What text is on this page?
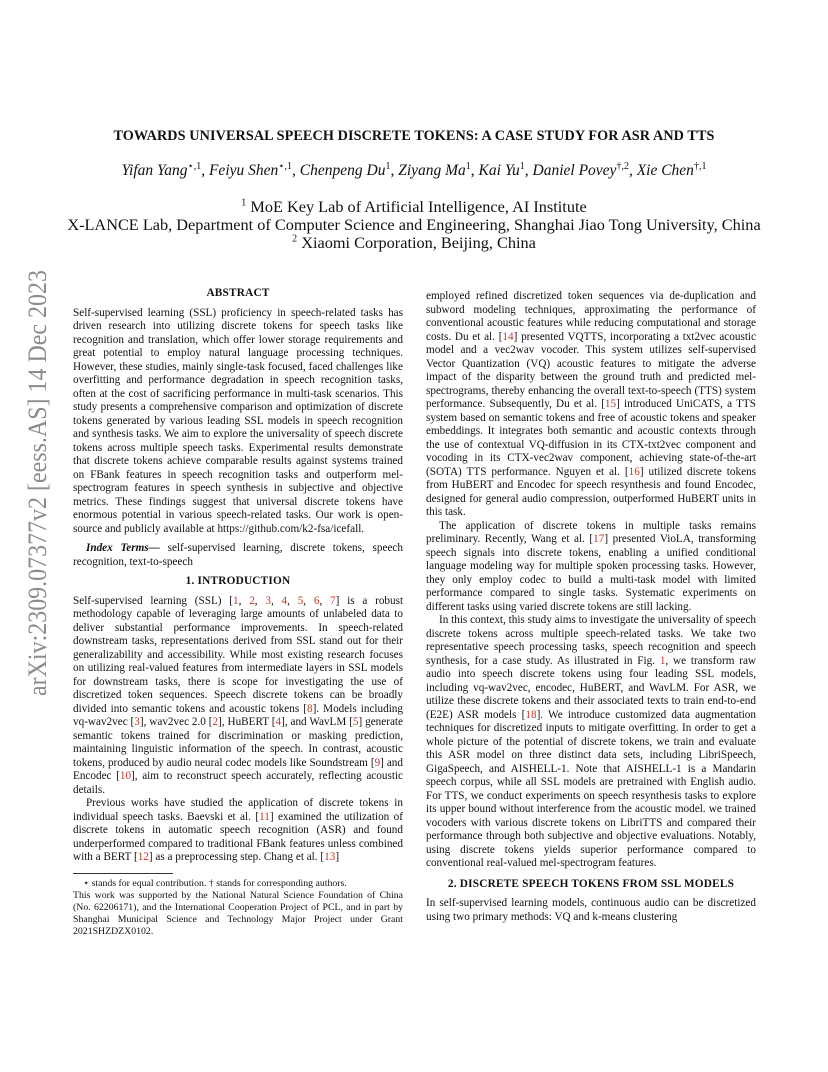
arXiv:2309.07377v2 [eess.AS] 14 Dec 2023
TOWARDS UNIVERSAL SPEECH DISCRETE TOKENS: A CASE STUDY FOR ASR AND TTS
Yifan Yang$^{⋆,1}$, Feiyu Shen$^{⋆,1}$, Chenpeng Du$^1$, Ziyang Ma$^1$, Kai Yu$^1$, Daniel Povey$^{\dagger,2}$, Xie Chen$^{\dagger,1}$
$^1$ MoE Key Lab of Artificial Intelligence, AI Institute
X-LANCE Lab, Department of Computer Science and Engineering, Shanghai Jiao Tong University, China
$^2$ Xiaomi Corporation, Beijing, China
ABSTRACT

Self-supervised learning (SSL) proficiency in speech-related tasks has driven research into utilizing discrete tokens for speech tasks like recognition and translation, which offer lower storage requirements and great potential to employ natural language processing techniques. However, these studies, mainly single-task focused, faced challenges like overfitting and performance degradation in speech recognition tasks, often at the cost of sacrificing performance in multi-task scenarios. This study presents a comprehensive comparison and optimization of discrete tokens generated by various leading SSL models in speech recognition and synthesis tasks. We aim to explore the universality of speech discrete tokens across multiple speech tasks. Experimental results demonstrate that discrete tokens achieve comparable results against systems trained on FBank features in speech recognition tasks and outperform mel-spectrogram features in speech synthesis in subjective and objective metrics. These findings suggest that universal discrete tokens have enormous potential in various speech-related tasks. Our work is open-source and publicly available at https://github.com/k2-fsa/icefall.

Index Terms— self-supervised learning, discrete tokens, speech recognition, text-to-speech

1. INTRODUCTION

Self-supervised learning (SSL) [1, 2, 3, 4, 5, 6, 7] is a robust methodology capable of leveraging large amounts of unlabeled data to deliver substantial performance improvements. In speech-related downstream tasks, representations derived from SSL stand out for their generalizability and accessibility. While most existing research focuses on utilizing real-valued features from intermediate layers in SSL models for downstream tasks, there is scope for investigating the use of discretized token sequences. Speech discrete tokens can be broadly divided into semantic tokens and acoustic tokens [8]. Models including vq-wav2vec [3], wav2vec 2.0 [2], HuBERT [4], and WavLM [5] generate semantic tokens trained for discrimination or masking prediction, maintaining linguistic information of the speech. In contrast, acoustic tokens, produced by audio neural codec models like Soundstream [9] and Encodec [10], aim to reconstruct speech accurately, reflecting acoustic details.

Previous works have studied the application of discrete tokens in individual speech tasks. Baevski et al. [11] examined the utilization of discrete tokens in automatic speech recognition (ASR) and found underperformed compared to traditional FBank features unless combined with a BERT [12] as a preprocessing step. Chang et al. [13]

⋆ stands for equal contribution. † stands for corresponding authors.

This work was supported by the National Natural Science Foundation of China (No. 62206171), and the International Cooperation Project of PCL, and in part by Shanghai Municipal Science and Technology Major Project under Grant 2021SHZDZX0102.

employed refined discretized token sequences via de-duplication and subword modeling techniques, approximating the performance of conventional acoustic features while reducing computational and storage costs. Du et al. [14] presented VQTTS, incorporating a txt2vec acoustic model and a vec2wav vocoder. This system utilizes self-supervised Vector Quantization (VQ) acoustic features to mitigate the adverse impact of the disparity between the ground truth and predicted mel-spectrograms, thereby enhancing the overall text-to-speech (TTS) system performance. Subsequently, Du et al. [15] introduced UniCATS, a TTS system based on semantic tokens and free of acoustic tokens and speaker embeddings. It integrates both semantic and acoustic contexts through the use of contextual VQ-diffusion in its CTX-txt2vec component and vocoding in its CTX-vec2wav component, achieving state-of-the-art (SOTA) TTS performance. Nguyen et al. [16] utilized discrete tokens from HuBERT and Encodec for speech resynthesis and found Encodec, designed for general audio compression, outperformed HuBERT units in this task.

The application of discrete tokens in multiple tasks remains preliminary. Recently, Wang et al. [17] presented VioLA, transforming speech signals into discrete tokens, enabling a unified conditional language modeling way for multiple spoken processing tasks. However, they only employ codec to build a multi-task model with limited performance compared to single tasks. Systematic experiments on different tasks using varied discrete tokens are still lacking.

In this context, this study aims to investigate the universality of speech discrete tokens across multiple speech-related tasks. We take two representative speech processing tasks, speech recognition and speech synthesis, for a case study. As illustrated in Fig. 1, we transform raw audio into speech discrete tokens using four leading SSL models, including vq-wav2vec, encodec, HuBERT, and WavLM. For ASR, we utilize these discrete tokens and their associated texts to train end-to-end (E2E) ASR models [18]. We introduce customized data augmentation techniques for discretized inputs to mitigate overfitting. In order to get a whole picture of the potential of discrete tokens, we train and evaluate this ASR model on three distinct data sets, including LibriSpeech, GigaSpeech, and AISHELL-1. Note that AISHELL-1 is a Mandarin speech corpus, while all SSL models are pretrained with English audio. For TTS, we conduct experiments on speech resynthesis tasks to explore its upper bound without interference from the acoustic model. we trained vocoders with various discrete tokens on LibriTTS and compared their performance through both subjective and objective evaluations. Notably, using discrete tokens yields superior performance compared to conventional real-valued mel-spectrogram features.

2. DISCRETE SPEECH TOKENS FROM SSL MODELS

In self-supervised learning models, continuous audio can be discretized using two primary methods: VQ and k-means clustering
